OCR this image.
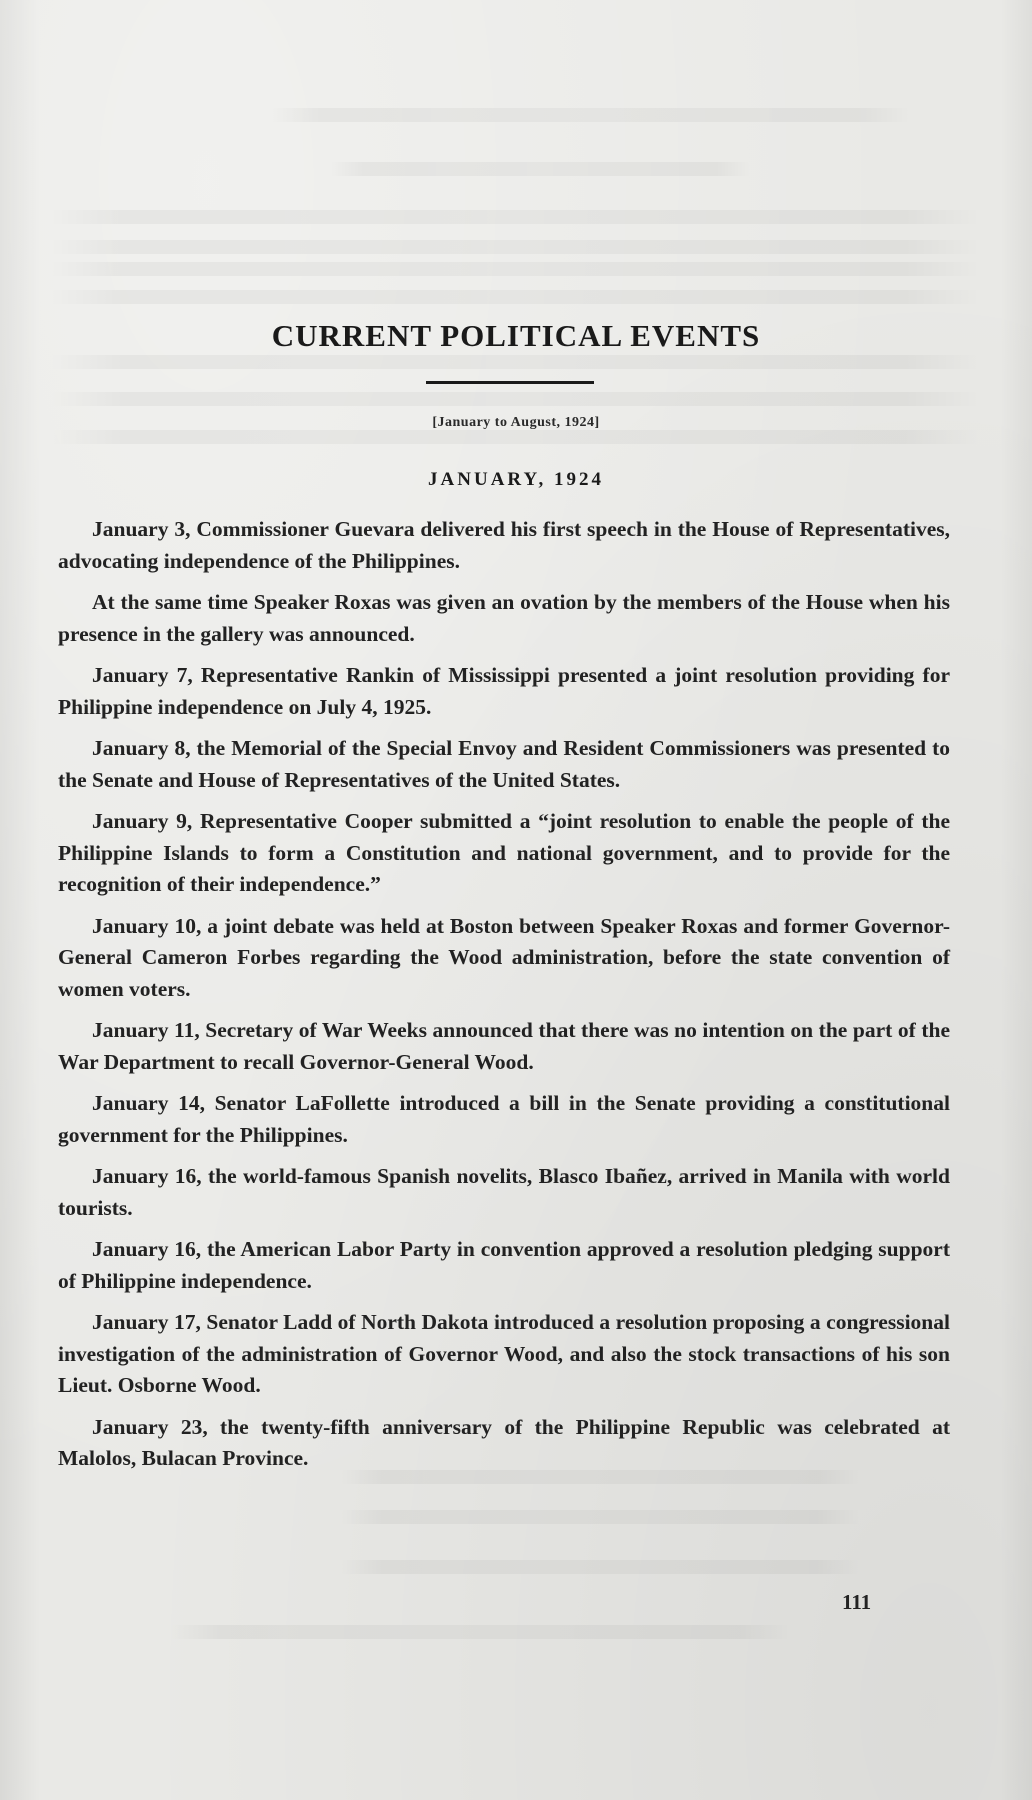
CURRENT POLITICAL EVENTS
[January to August, 1924]
JANUARY, 1924

January 3, Commissioner Guevara delivered his first speech in the House of Representatives, advocating independence of the Philippines.

At the same time Speaker Roxas was given an ovation by the members of the House when his presence in the gallery was announced.

January 7, Representative Rankin of Mississippi presented a joint resolution providing for Philippine independence on July 4, 1925.

January 8, the Memorial of the Special Envoy and Resident Commissioners was presented to the Senate and House of Representatives of the United States.

January 9, Representative Cooper submitted a “joint resolution to enable the people of the Philippine Islands to form a Constitution and national government, and to provide for the recognition of their independence.”

January 10, a joint debate was held at Boston between Speaker Roxas and former Governor-General Cameron Forbes regarding the Wood administration, before the state convention of women voters.

January 11, Secretary of War Weeks announced that there was no intention on the part of the War Department to recall Governor-General Wood.

January 14, Senator LaFollette introduced a bill in the Senate providing a constitutional government for the Philippines.

January 16, the world-famous Spanish novelits, Blasco Ibañez, arrived in Manila with world tourists.

January 16, the American Labor Party in convention approved a resolution pledging support of Philippine independence.

January 17, Senator Ladd of North Dakota introduced a resolution proposing a congressional investigation of the administration of Governor Wood, and also the stock transactions of his son Lieut. Osborne Wood.

January 23, the twenty-fifth anniversary of the Philippine Republic was celebrated at Malolos, Bulacan Province.

111
